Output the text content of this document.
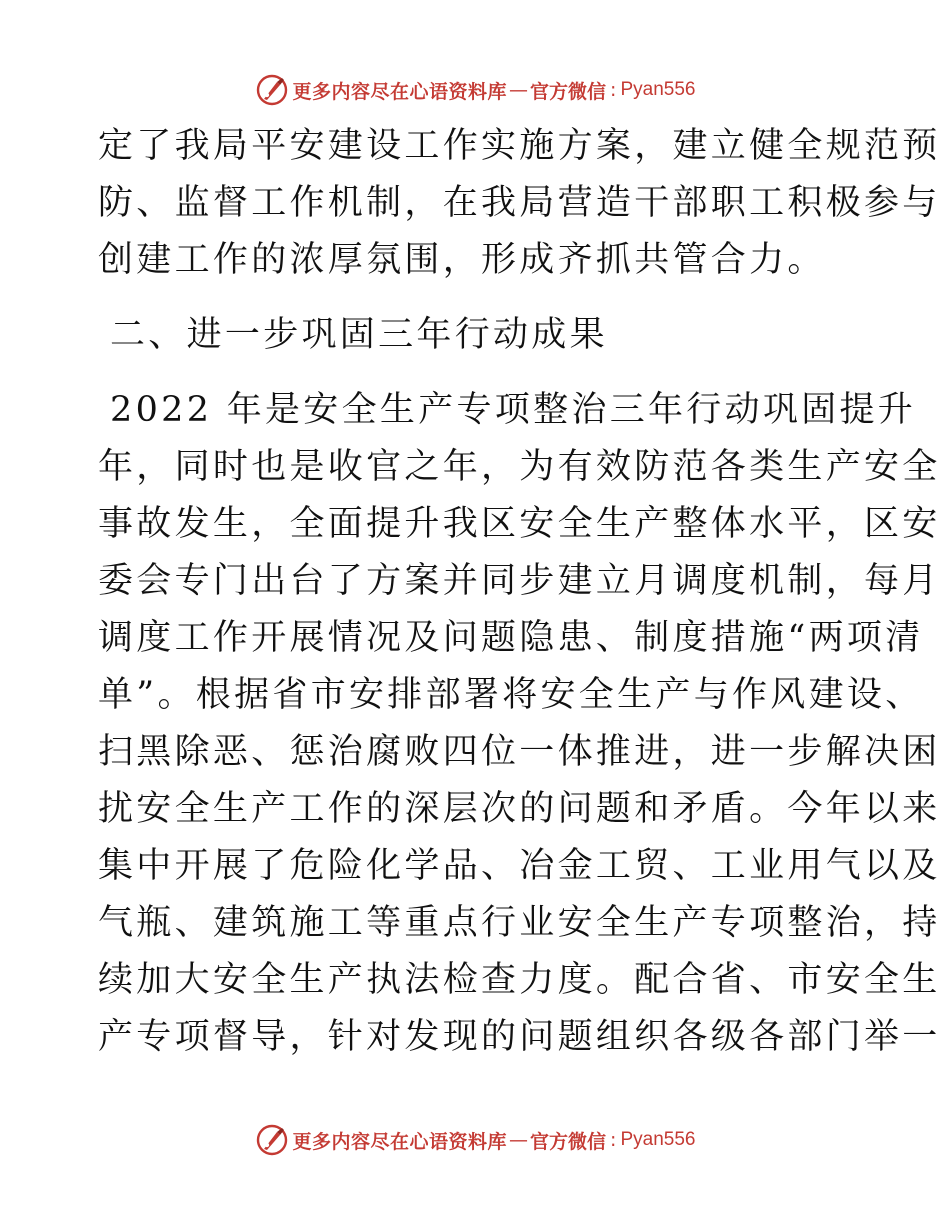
更多内容尽在心语资料库 — 官方微信 : Pyan556
定了我局平安建设工作实施方案，建立健全规范预
防、监督工作机制，在我局营造干部职工积极参与
创建工作的浓厚氛围，形成齐抓共管合力。
二、进一步巩固三年行动成果
2022 年是安全生产专项整治三年行动巩固提升
年，同时也是收官之年，为有效防范各类生产安全
事故发生，全面提升我区安全生产整体水平，区安
委会专门出台了方案并同步建立月调度机制，每月
调度工作开展情况及问题隐患、制度措施“两项清
单”。根据省市安排部署将安全生产与作风建设、
扫黑除恶、惩治腐败四位一体推进，进一步解决困
扰安全生产工作的深层次的问题和矛盾。今年以来
集中开展了危险化学品、冶金工贸、工业用气以及
气瓶、建筑施工等重点行业安全生产专项整治，持
续加大安全生产执法检查力度。配合省、市安全生
产专项督导，针对发现的问题组织各级各部门举一
更多内容尽在心语资料库 — 官方微信 : Pyan556
